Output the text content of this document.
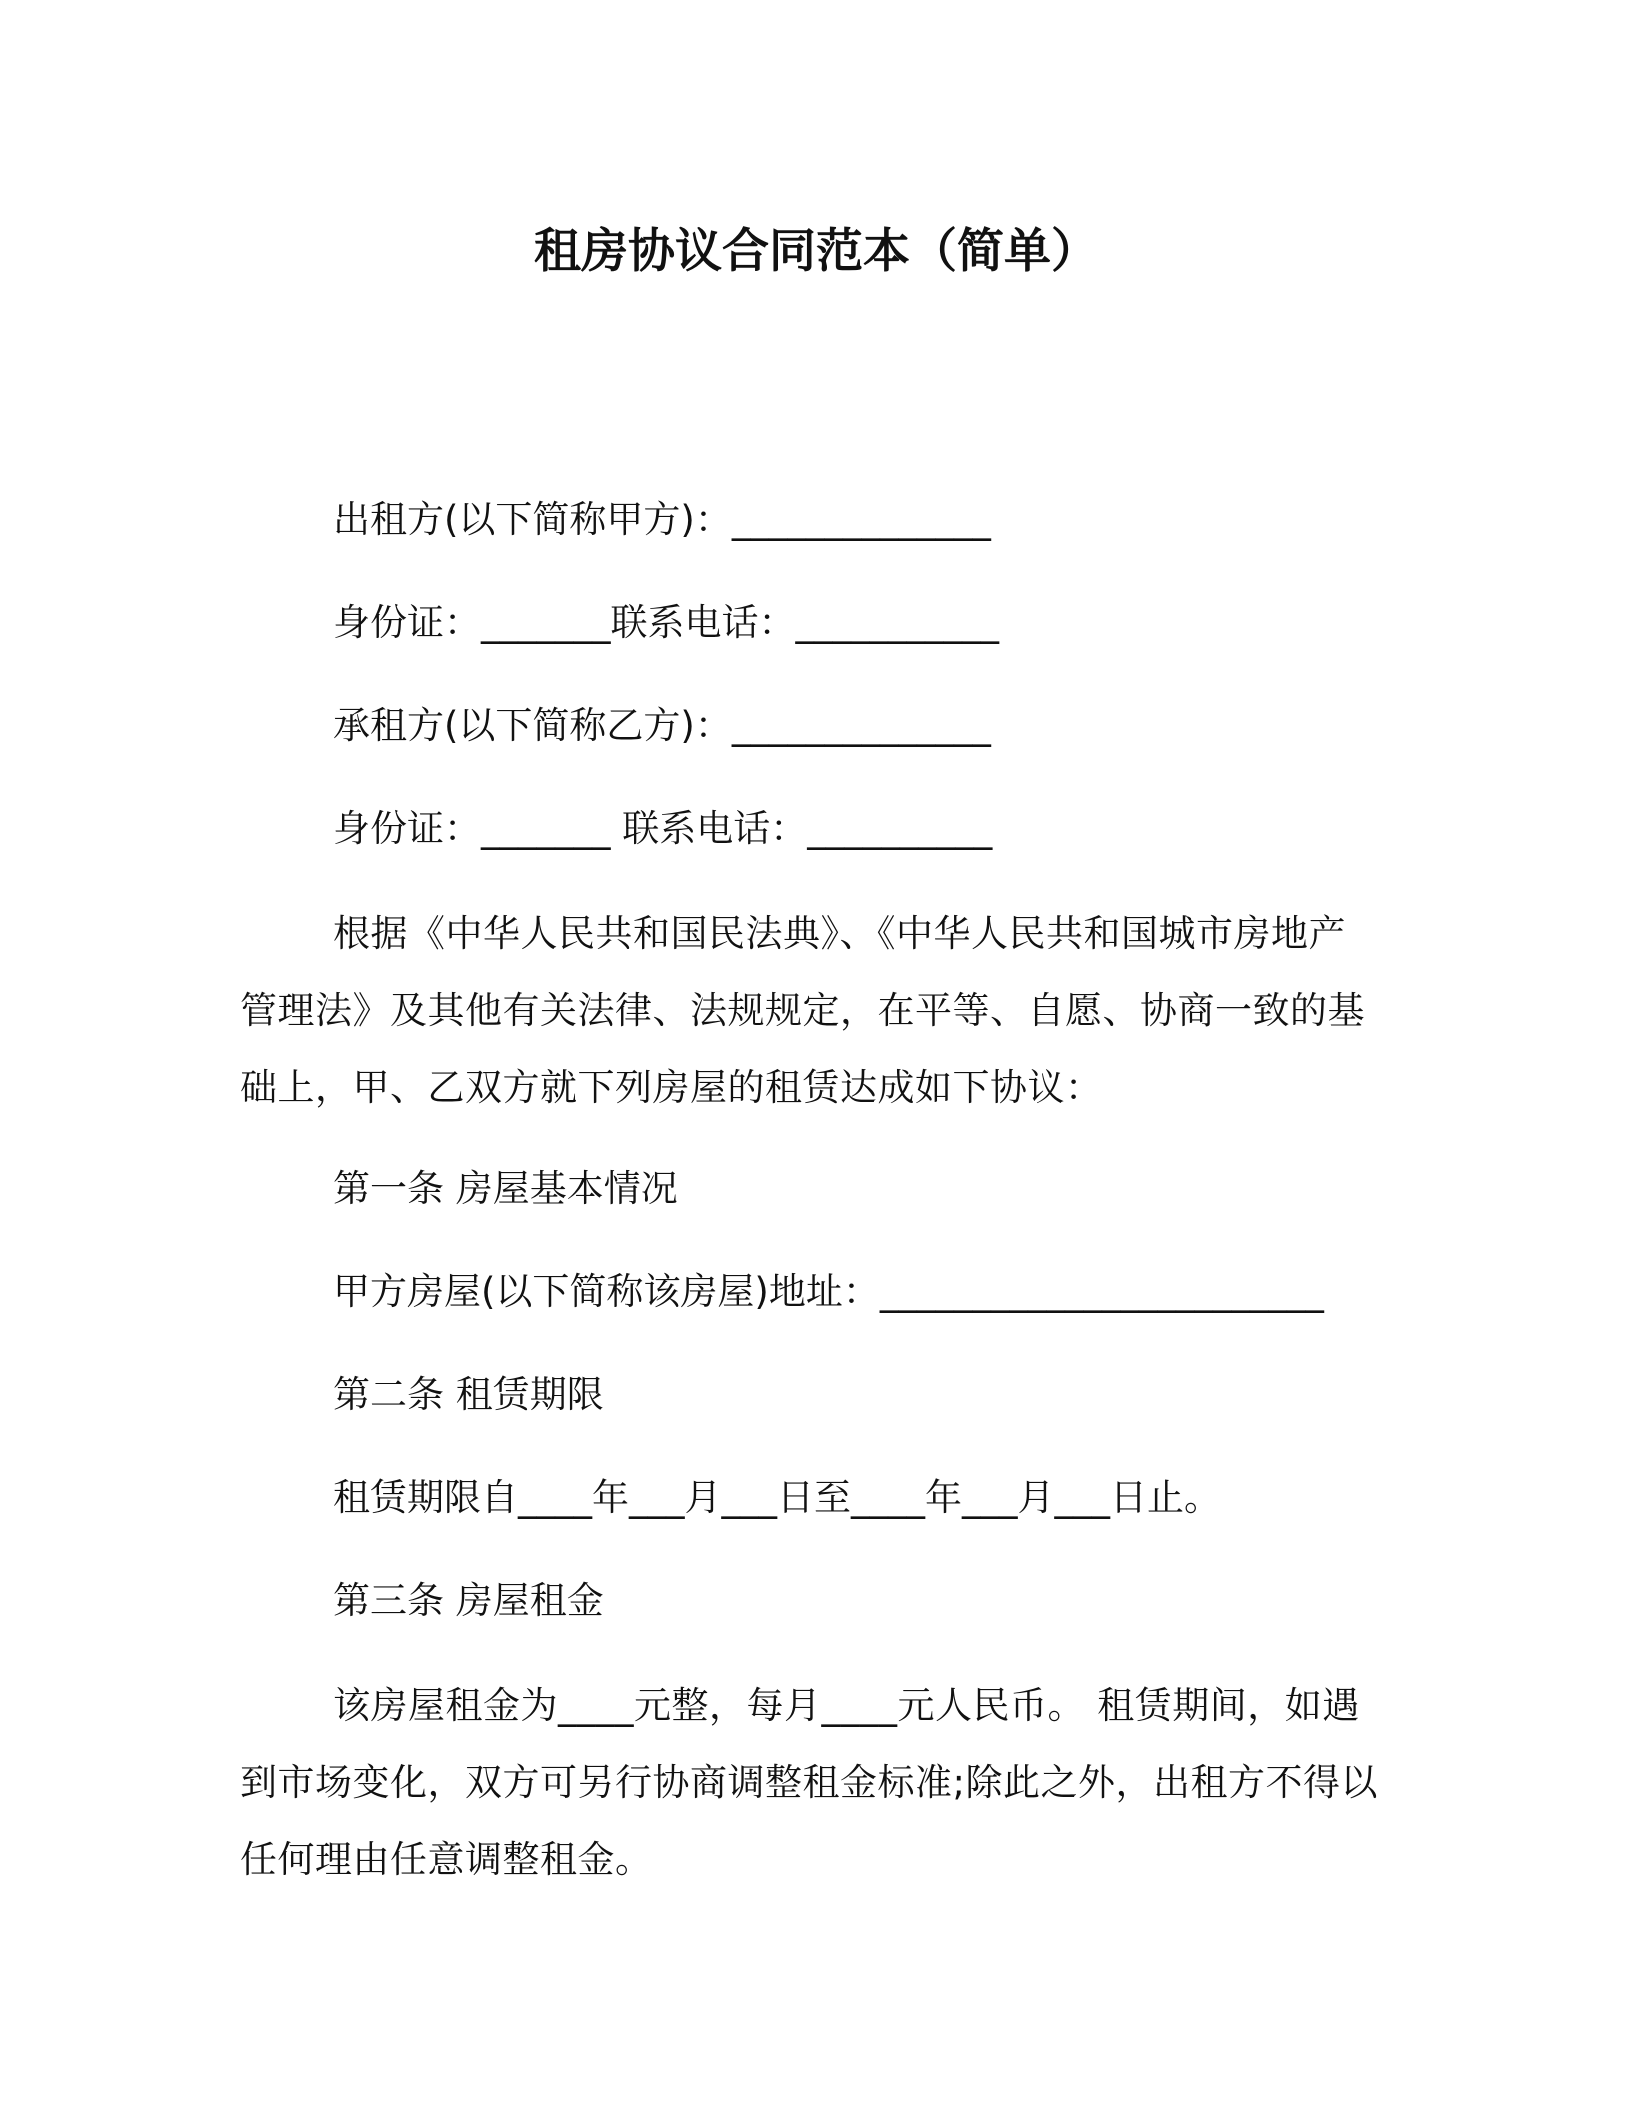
租房协议合同范本（简单）
出租方(以下简称甲方)：______________
身份证：_______联系电话：___________
承租方(以下简称乙方)：______________
身份证：_______ 联系电话：__________

根据《中华人民共和国民法典》、《中华人民共和国城市房地产管理法》及其他有关法律、法规规定，在平等、自愿、协商一致的基础上，甲、乙双方就下列房屋的租赁达成如下协议：

第一条 房屋基本情况
甲方房屋(以下简称该房屋)地址：________________________
第二条 租赁期限
租赁期限自____年___月___日至____年___月___日止。
第三条 房屋租金

该房屋租金为____元整，每月____元人民币。 租赁期间，如遇到市场变化，双方可另行协商调整租金标准;除此之外，出租方不得以任何理由任意调整租金。
